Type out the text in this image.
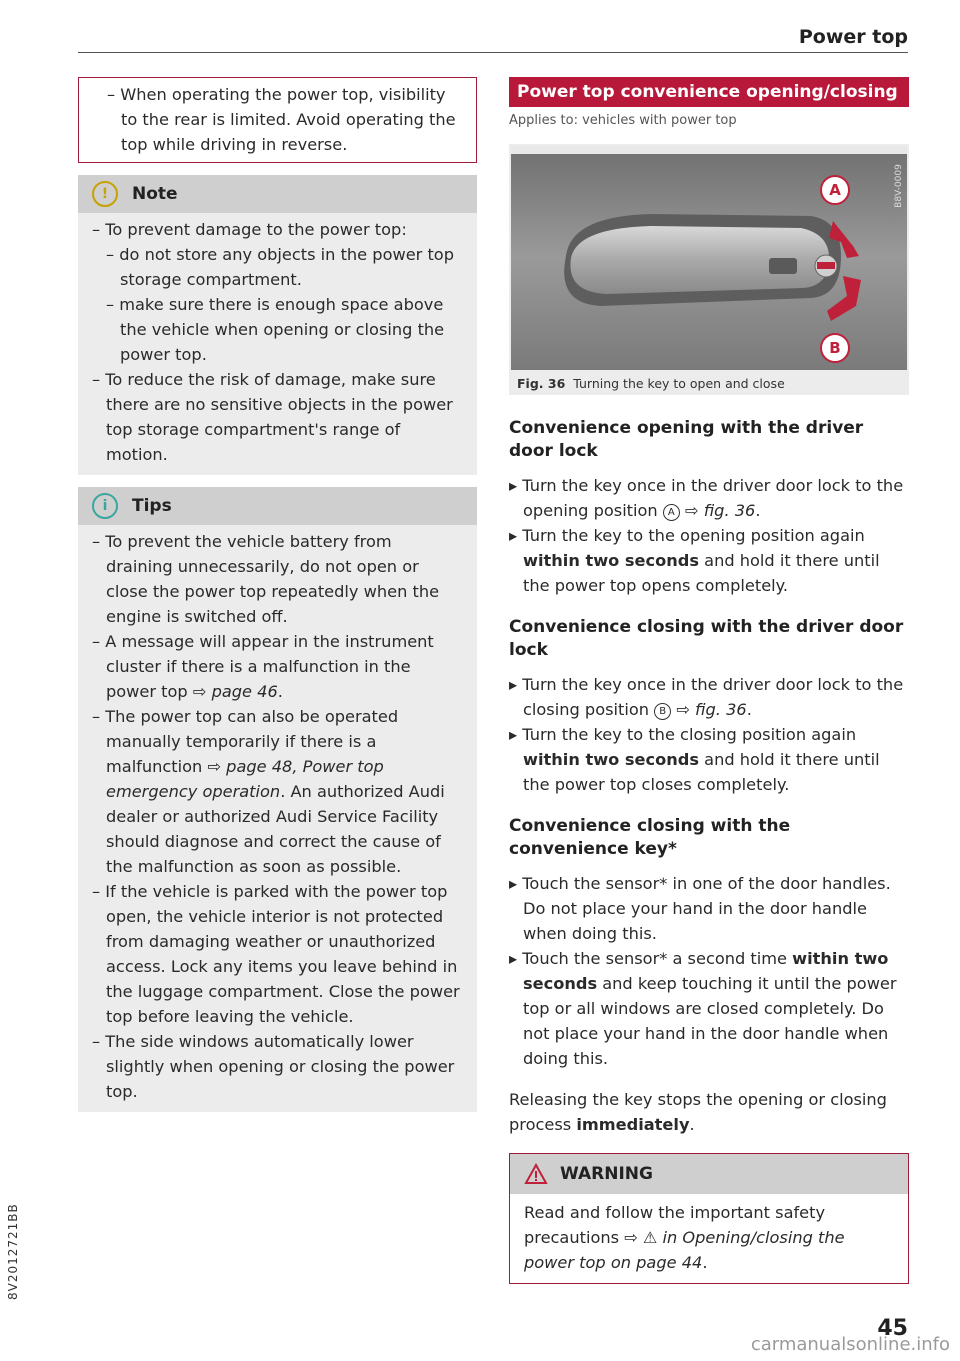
Power top
– When operating the power top, visibility to the rear is limited. Avoid operating the top while driving in reverse.
!	Note
– To prevent damage to the power top:
– do not store any objects in the power top storage compartment.
– make sure there is enough space above the vehicle when opening or closing the power top.
– To reduce the risk of damage, make sure there are no sensitive objects in the power top storage compartment's range of motion.
i	Tips
– To prevent the vehicle battery from draining unnecessarily, do not open or close the power top repeatedly when the engine is switched off.
– A message will appear in the instrument cluster if there is a malfunction in the power top ⇨ page 46.
– The power top can also be operated manually temporarily if there is a malfunction ⇨ page 48, Power top emergency operation. An authorized Audi dealer or authorized Audi Service Facility should diagnose and correct the cause of the malfunction as soon as possible.
– If the vehicle is parked with the power top open, the vehicle interior is not protected from damaging weather or unauthorized access. Lock any items you leave behind in the luggage compartment. Close the power top before leaving the vehicle.
– The side windows automatically lower slightly when opening or closing the power top.
Power top convenience opening/closing
Applies to: vehicles with power top
A
B
B8V-0009
Fig. 36 Turning the key to open and close
Convenience opening with the driver door lock
▸ Turn the key once in the driver door lock to the opening position A ⇨ fig. 36.
▸ Turn the key to the opening position again within two seconds and hold it there until the power top opens completely.
Convenience closing with the driver door lock
▸ Turn the key once in the driver door lock to the closing position B ⇨ fig. 36.
▸ Turn the key to the closing position again within two seconds and hold it there until the power top closes completely.
Convenience closing with the convenience key*
▸ Touch the sensor* in one of the door handles. Do not place your hand in the door handle when doing this.
▸ Touch the sensor* a second time within two seconds and keep touching it until the power top or all windows are closed completely. Do not place your hand in the door handle when doing this.
Releasing the key stops the opening or closing process immediately.
WARNING
Read and follow the important safety precautions ⇨ ⚠ in Opening/closing the power top on page 44.
8V2012721BB
45
carmanualsonline.info
